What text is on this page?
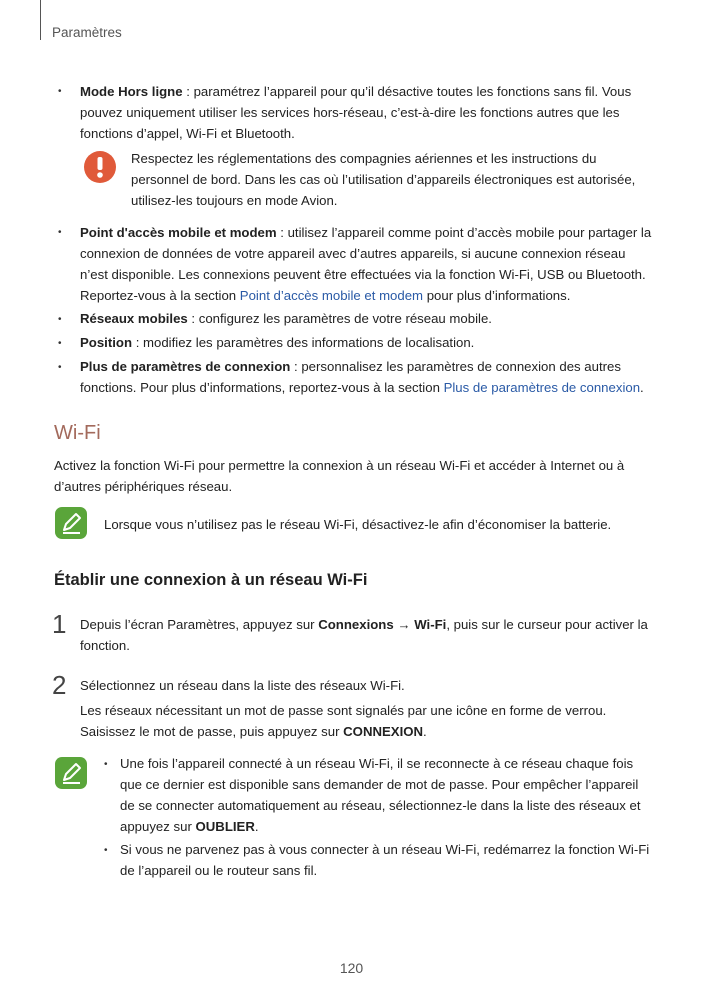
Paramètres
• Mode Hors ligne : paramétrez l’appareil pour qu’il désactive toutes les fonctions sans fil. Vous pouvez uniquement utiliser les services hors-réseau, c’est-à-dire les fonctions autres que les fonctions d’appel, Wi-Fi et Bluetooth.
Respectez les réglementations des compagnies aériennes et les instructions du personnel de bord. Dans les cas où l’utilisation d’appareils électroniques est autorisée, utilisez-les toujours en mode Avion.
• Point d'accès mobile et modem : utilisez l’appareil comme point d’accès mobile pour partager la connexion de données de votre appareil avec d’autres appareils, si aucune connexion réseau n’est disponible. Les connexions peuvent être effectuées via la fonction Wi-Fi, USB ou Bluetooth. Reportez-vous à la section Point d’accès mobile et modem pour plus d’informations.
• Réseaux mobiles : configurez les paramètres de votre réseau mobile.
• Position : modifiez les paramètres des informations de localisation.
• Plus de paramètres de connexion : personnalisez les paramètres de connexion des autres fonctions. Pour plus d’informations, reportez-vous à la section Plus de paramètres de connexion.
Wi-Fi
Activez la fonction Wi-Fi pour permettre la connexion à un réseau Wi-Fi et accéder à Internet ou à d’autres périphériques réseau.
Lorsque vous n’utilisez pas le réseau Wi-Fi, désactivez-le afin d’économiser la batterie.
Établir une connexion à un réseau Wi-Fi
1 Depuis l’écran Paramètres, appuyez sur Connexions → Wi-Fi, puis sur le curseur pour activer la fonction.
2 Sélectionnez un réseau dans la liste des réseaux Wi-Fi.
Les réseaux nécessitant un mot de passe sont signalés par une icône en forme de verrou. Saisissez le mot de passe, puis appuyez sur CONNEXION.
• Une fois l’appareil connecté à un réseau Wi-Fi, il se reconnecte à ce réseau chaque fois que ce dernier est disponible sans demander de mot de passe. Pour empêcher l’appareil de se connecter automatiquement au réseau, sélectionnez-le dans la liste des réseaux et appuyez sur OUBLIER.
• Si vous ne parvenez pas à vous connecter à un réseau Wi-Fi, redémarrez la fonction Wi-Fi de l’appareil ou le routeur sans fil.
120
